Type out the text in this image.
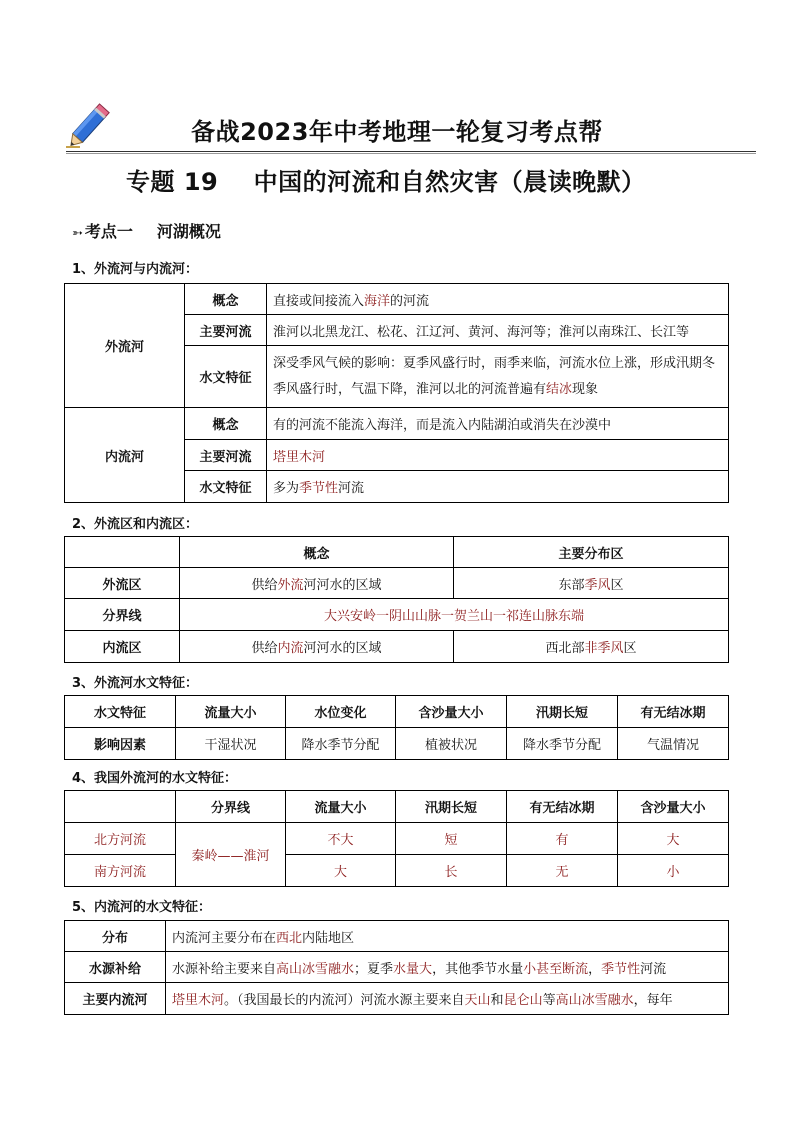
备战2023年中考地理一轮复习考点帮
专题 19    中国的河流和自然灾害（晨读晚默）
➳ 考点一 河湖概况
1、外流河与内流河：
外流河	概念	直接或间接流入海洋的河流
	主要河流	淮河以北黑龙江、松花、江辽河、黄河、海河等；淮河以南珠江、长江等
	水文特征	深受季风气候的影响：夏季风盛行时，雨季来临，河流水位上涨，形成汛期冬季风盛行时，气温下降，淮河以北的河流普遍有结冰现象
内流河	概念	有的河流不能流入海洋，而是流入内陆湖泊或消失在沙漠中
	主要河流	塔里木河
	水文特征	多为季节性河流
2、外流区和内流区：
	概念	主要分布区
外流区	供给外流河河水的区域	东部季风区
分界线	大兴安岭一阴山山脉一贺兰山一祁连山脉东端	
内流区	供给内流河河水的区域	西北部非季风区
3、外流河水文特征：
水文特征	流量大小	水位变化	含沙量大小	汛期长短	有无结冰期
影响因素	干湿状况	降水季节分配	植被状况	降水季节分配	气温情况
4、我国外流河的水文特征：
	分界线	流量大小	汛期长短	有无结冰期	含沙量大小
北方河流	秦岭——淮河	不大	短	有	大
南方河流		大	长	无	小
5、内流河的水文特征：
分布	内流河主要分布在西北内陆地区
水源补给	水源补给主要来自高山冰雪融水；夏季水量大，其他季节水量小甚至断流，季节性河流
主要内流河	塔里木河。（我国最长的内流河）河流水源主要来自天山和昆仑山等高山冰雪融水，每年
